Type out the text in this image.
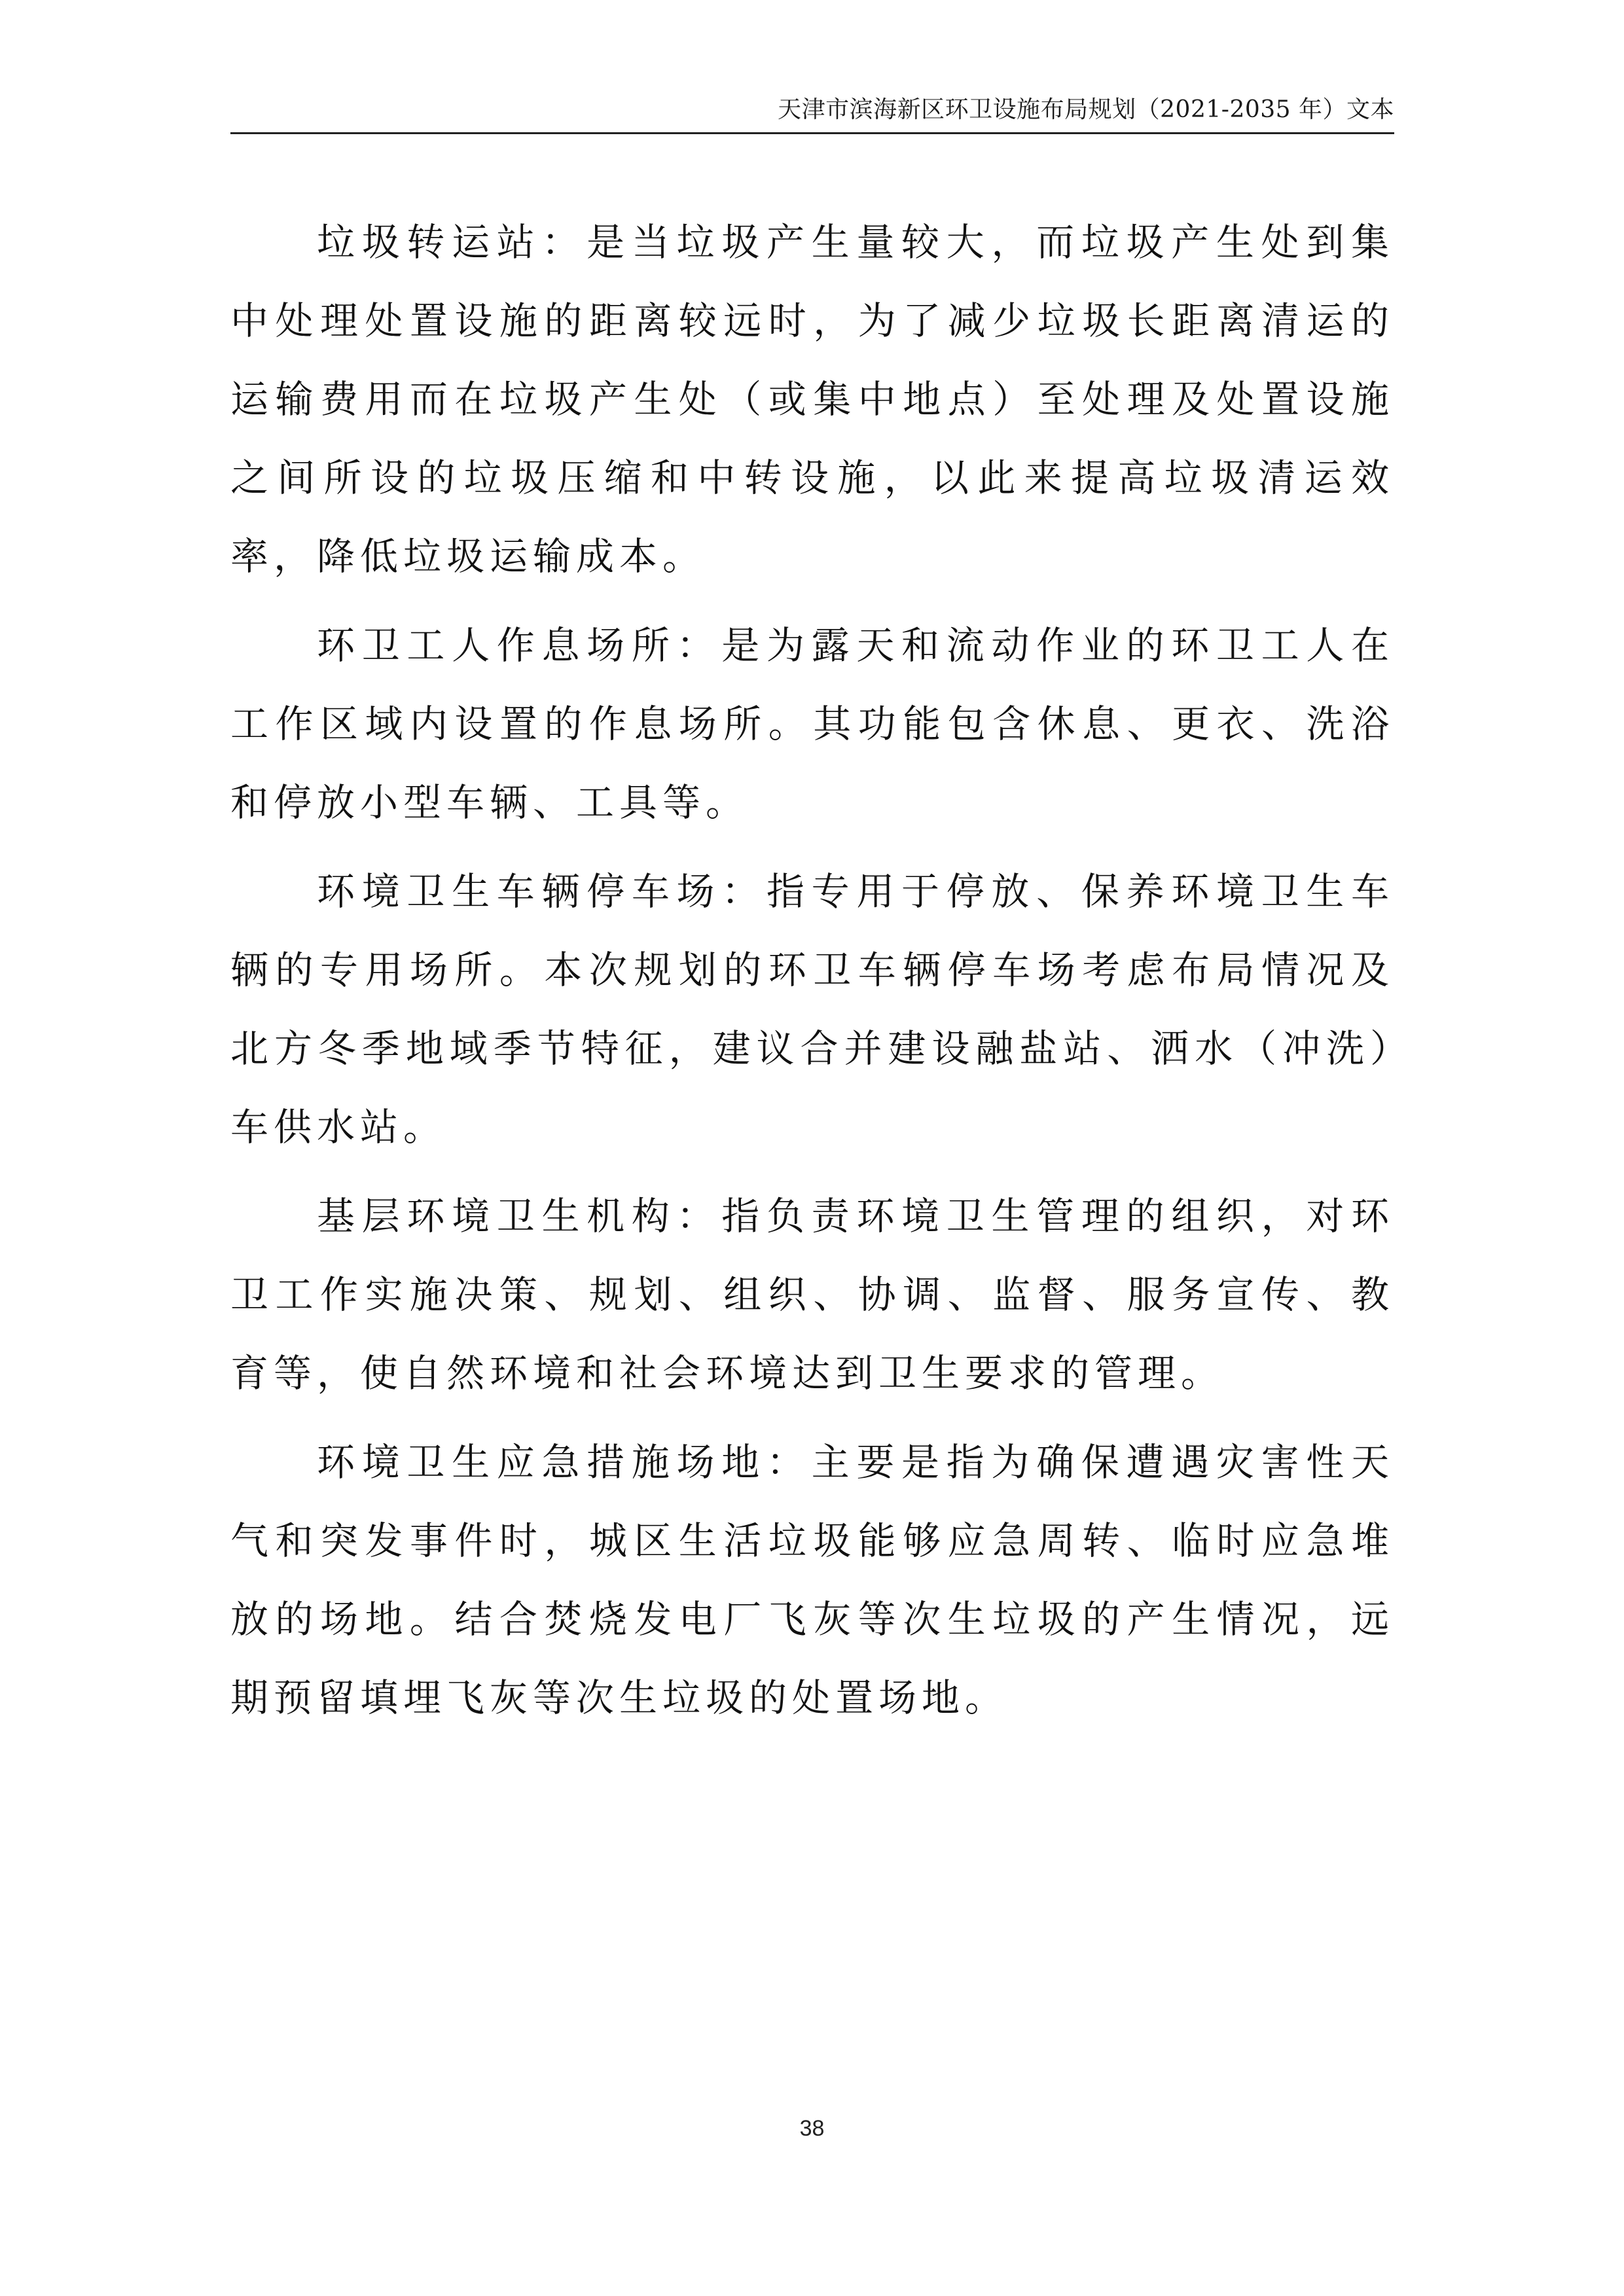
天津市滨海新区环卫设施布局规划（2021-2035 年）文本

垃圾转运站：是当垃圾产生量较大，而垃圾产生处到集中处理处置设施的距离较远时，为了减少垃圾长距离清运的运输费用而在垃圾产生处（或集中地点）至处理及处置设施之间所设的垃圾压缩和中转设施，以此来提高垃圾清运效率，降低垃圾运输成本。

环卫工人作息场所：是为露天和流动作业的环卫工人在工作区域内设置的作息场所。其功能包含休息、更衣、洗浴和停放小型车辆、工具等。

环境卫生车辆停车场：指专用于停放、保养环境卫生车辆的专用场所。本次规划的环卫车辆停车场考虑布局情况及北方冬季地域季节特征，建议合并建设融盐站、洒水（冲洗）车供水站。

基层环境卫生机构：指负责环境卫生管理的组织，对环卫工作实施决策、规划、组织、协调、监督、服务宣传、教育等，使自然环境和社会环境达到卫生要求的管理。

环境卫生应急措施场地：主要是指为确保遭遇灾害性天气和突发事件时，城区生活垃圾能够应急周转、临时应急堆放的场地。结合焚烧发电厂飞灰等次生垃圾的产生情况，远期预留填埋飞灰等次生垃圾的处置场地。

38
